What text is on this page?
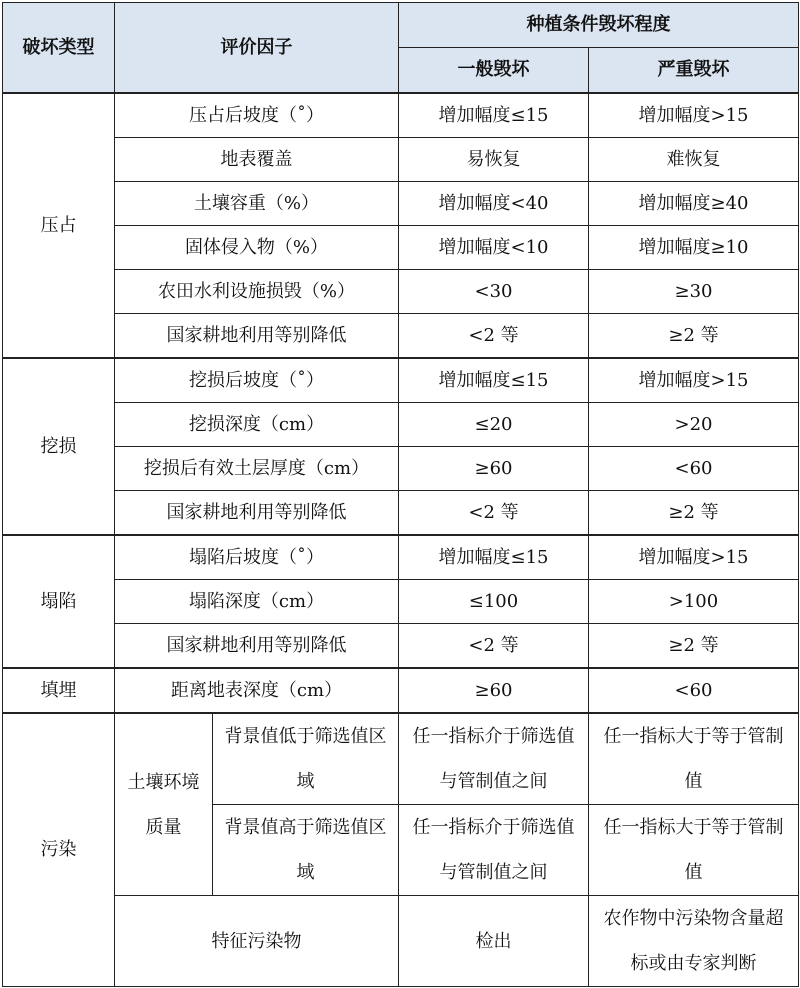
破坏类型	评价因子		种植条件毁坏程度	
			一般毁坏	严重毁坏
压占	压占后坡度（˚）		增加幅度≤15	增加幅度>15
	地表覆盖		易恢复	难恢复
	土壤容重（%）		增加幅度<40	增加幅度≥40
	固体侵入物（%）		增加幅度<10	增加幅度≥10
	农田水利设施损毁（%）		<30	≥30
	国家耕地利用等别降低		<2 等	≥2 等
挖损	挖损后坡度（˚）		增加幅度≤15	增加幅度>15
	挖损深度（cm）		≤20	>20
	挖损后有效土层厚度（cm）		≥60	<60
	国家耕地利用等别降低		<2 等	≥2 等
塌陷	塌陷后坡度（˚）		增加幅度≤15	增加幅度>15
	塌陷深度（cm）		≤100	>100
	国家耕地利用等别降低		<2 等	≥2 等
填埋	距离地表深度（cm）		≥60	<60
污染	土壤环境质量	背景值低于筛选值区域	任一指标介于筛选值与管制值之间	任一指标大于等于管制值
		背景值高于筛选值区域	任一指标介于筛选值与管制值之间	任一指标大于等于管制值
	特征污染物		检出	农作物中污染物含量超标或由专家判断
